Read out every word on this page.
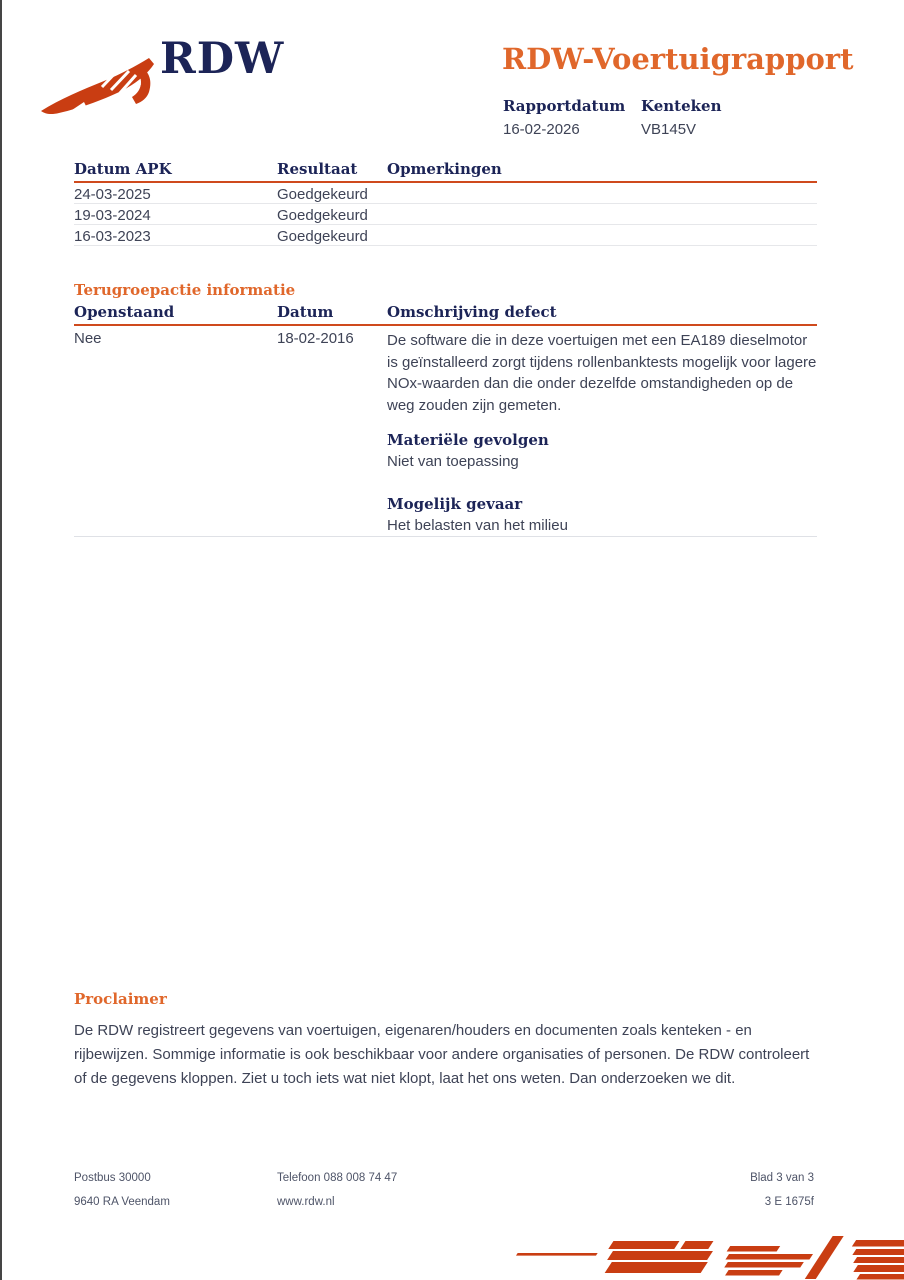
RDW	RDW-Voertuigrapport
Rapportdatum
16-02-2026
Kenteken
VB145V
Datum APK	Resultaat Opmerkingen
24-03-2025	Goedgekeurd
19-03-2024	Goedgekeurd
16-03-2023	Goedgekeurd
Terugroepactie informatie
Openstaand	Datum	Omschrijving defect
Nee	18-02-2016 De software die in deze voertuigen met een EA189 dieselmotor is geïnstalleerd zorgt tijdens rollenbanktests mogelijk voor lagere NOx-waarden dan die onder dezelfde omstandigheden op de weg zouden zijn gemeten.
Materiële gevolgen
Niet van toepassing
Mogelijk gevaar
Het belasten van het milieu
Proclaimer
De RDW registreert gegevens van voertuigen, eigenaren/houders en documenten zoals kenteken - en rijbewijzen. Sommige informatie is ook beschikbaar voor andere organisaties of personen. De RDW controleert of de gegevens kloppen. Ziet u toch iets wat niet klopt, laat het ons weten. Dan onderzoeken we dit.
Postbus 30000
9640 RA Veendam
Telefoon 088 008 74 47
www.rdw.nl
Blad 3 van 3
3 E 1675f
